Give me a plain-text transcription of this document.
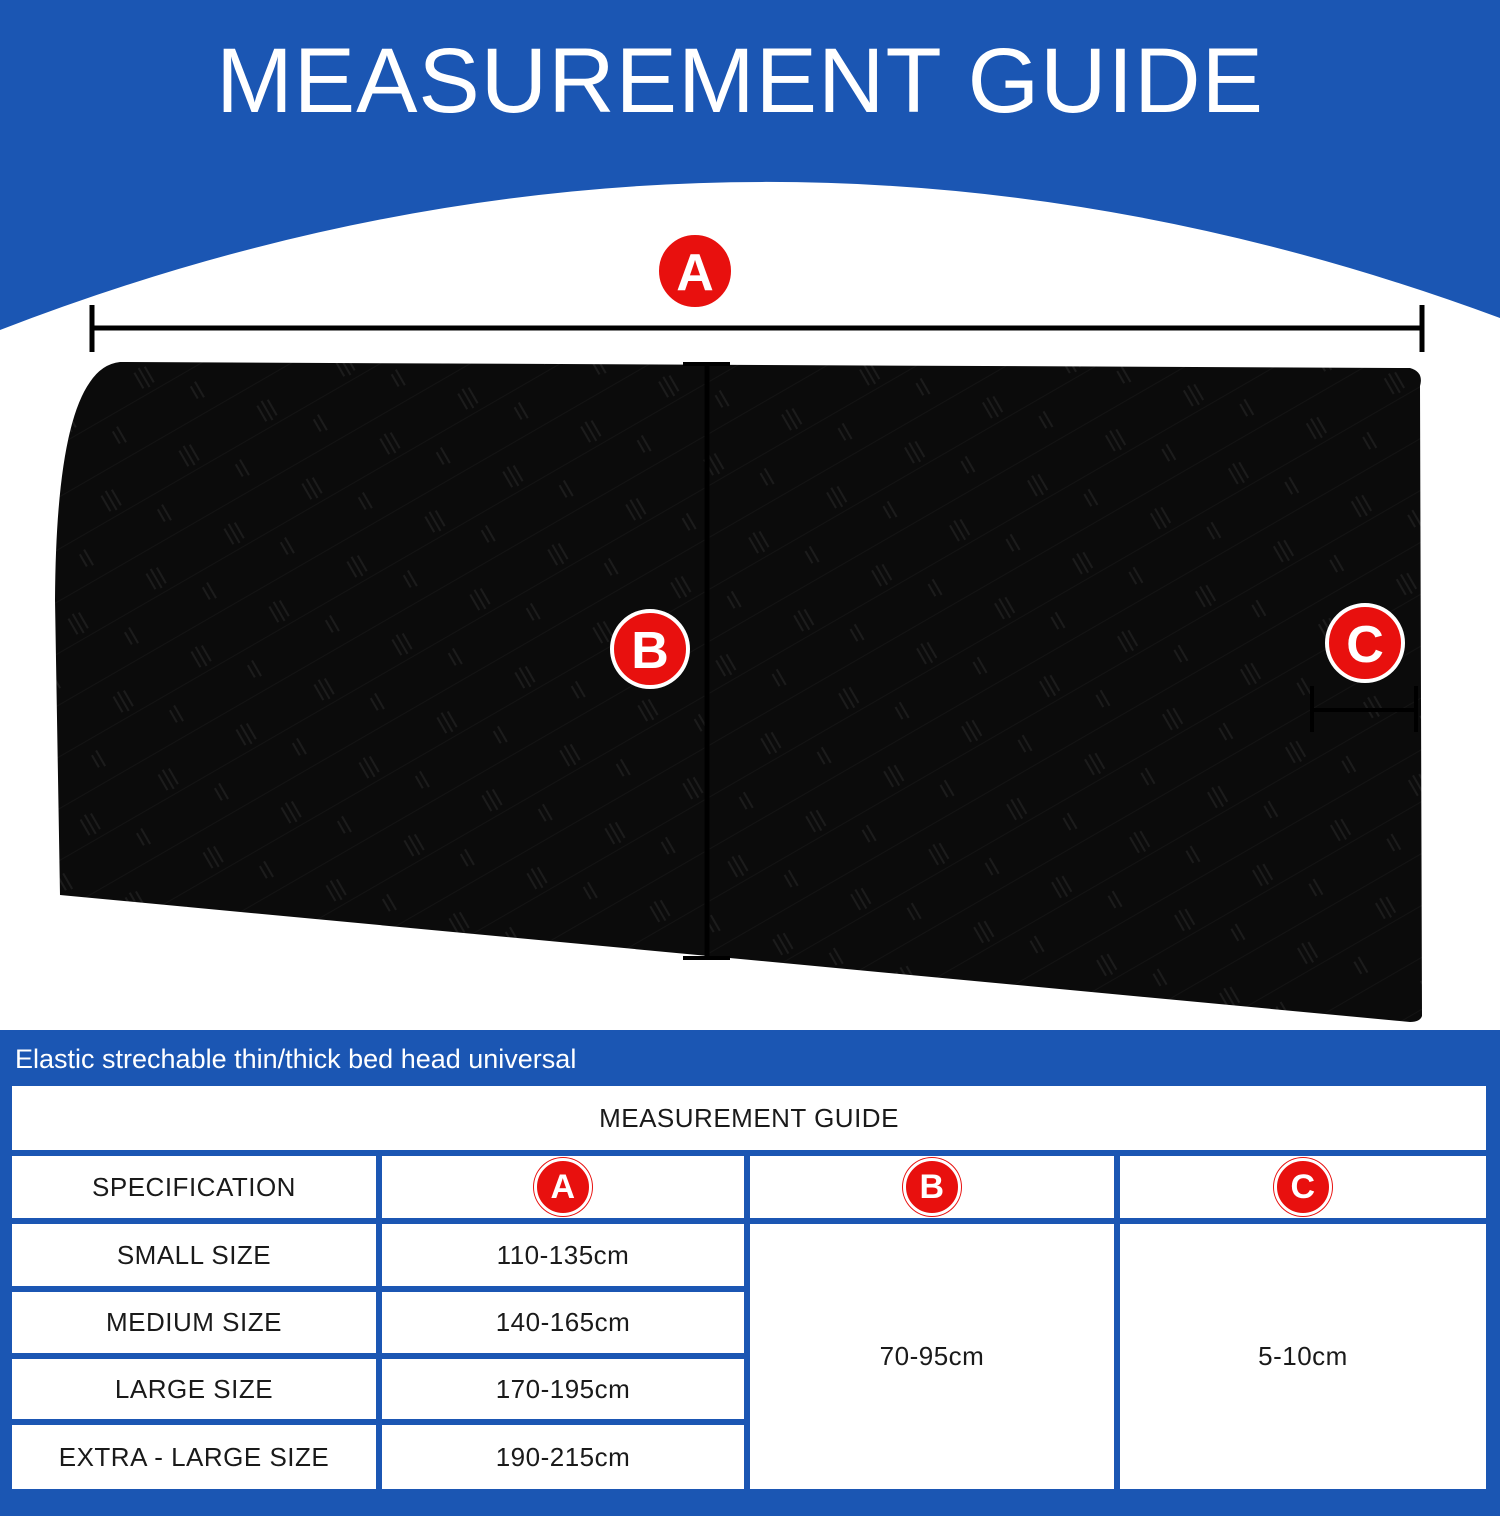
MEASUREMENT GUIDE
A
B	C
Elastic strechable thin/thick bed head universal
MEASUREMENT GUIDE
SPECIFICATION	A	B	C
SMALL SIZE	110-135cm
MEDIUM SIZE	140-165cm
LARGE SIZE	170-195cm
EXTRA - LARGE SIZE	190-215cm
70-95cm	5-10cm
